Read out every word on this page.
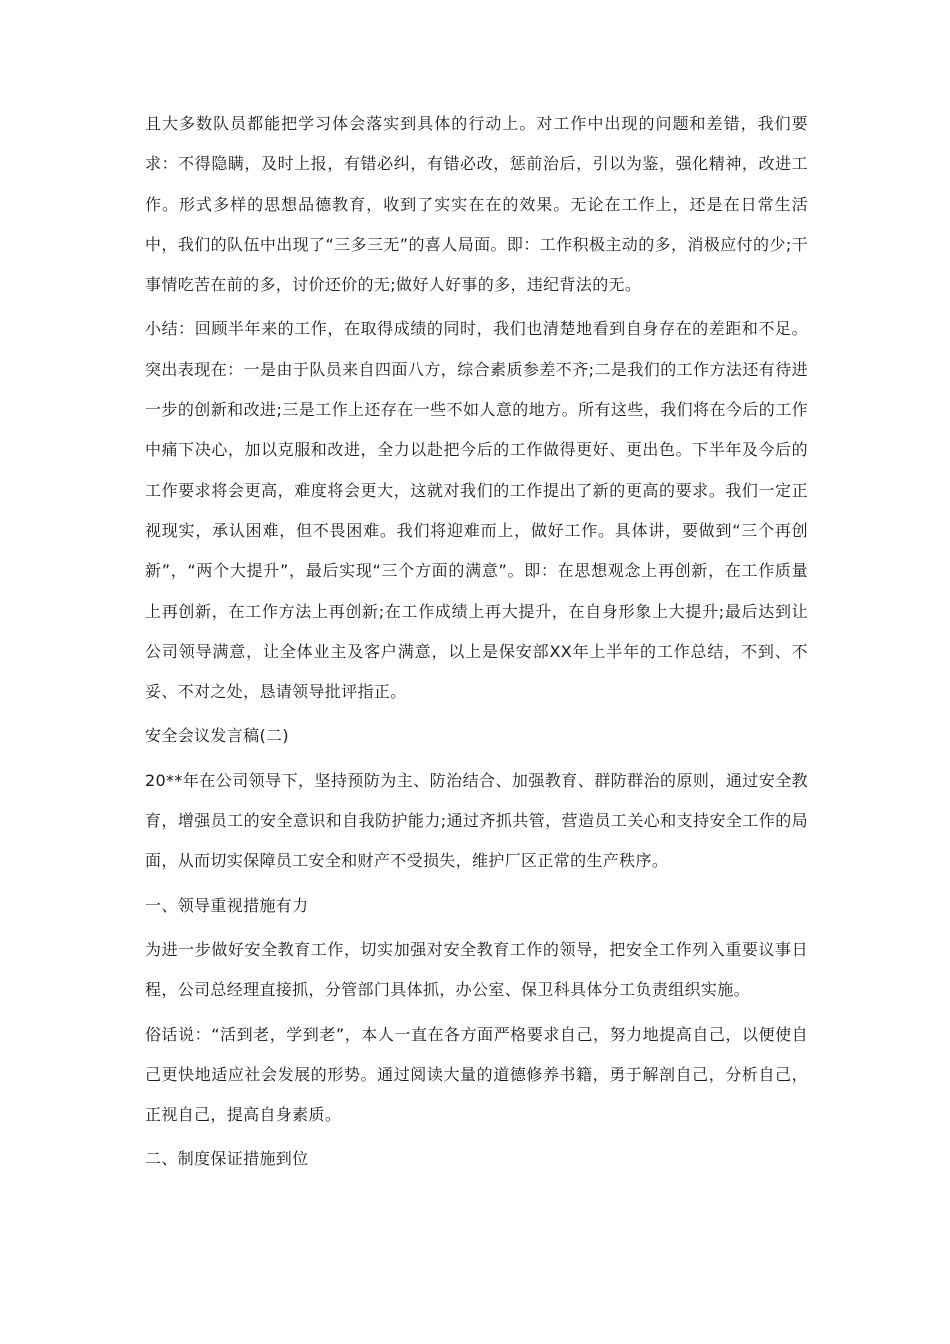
且大多数队员都能把学习体会落实到具体的行动上。对工作中出现的问题和差错，我们要求：不得隐瞒，及时上报，有错必纠，有错必改，惩前治后，引以为鉴，强化精神，改进工作。形式多样的思想品德教育，收到了实实在在的效果。无论在工作上，还是在日常生活中，我们的队伍中出现了“三多三无”的喜人局面。即：工作积极主动的多，消极应付的少;干事情吃苦在前的多，讨价还价的无;做好人好事的多，违纪背法的无。

小结：回顾半年来的工作，在取得成绩的同时，我们也清楚地看到自身存在的差距和不足。突出表现在：一是由于队员来自四面八方，综合素质参差不齐;二是我们的工作方法还有待进一步的创新和改进;三是工作上还存在一些不如人意的地方。所有这些，我们将在今后的工作中痛下决心，加以克服和改进，全力以赴把今后的工作做得更好、更出色。下半年及今后的工作要求将会更高，难度将会更大，这就对我们的工作提出了新的更高的要求。我们一定正视现实，承认困难，但不畏困难。我们将迎难而上，做好工作。具体讲，要做到“三个再创新”，“两个大提升”，最后实现“三个方面的满意”。即：在思想观念上再创新，在工作质量上再创新，在工作方法上再创新;在工作成绩上再大提升，在自身形象上大提升;最后达到让公司领导满意，让全体业主及客户满意，以上是保安部XX年上半年的工作总结，不到、不妥、不对之处，恳请领导批评指正。

安全会议发言稿(二)

20**年在公司领导下，坚持预防为主、防治结合、加强教育、群防群治的原则，通过安全教育，增强员工的安全意识和自我防护能力;通过齐抓共管，营造员工关心和支持安全工作的局面，从而切实保障员工安全和财产不受损失，维护厂区正常的生产秩序。

一、领导重视措施有力

为进一步做好安全教育工作，切实加强对安全教育工作的领导，把安全工作列入重要议事日程，公司总经理直接抓，分管部门具体抓，办公室、保卫科具体分工负责组织实施。

俗话说：“活到老，学到老”，本人一直在各方面严格要求自己，努力地提高自己，以便使自己更快地适应社会发展的形势。通过阅读大量的道德修养书籍，勇于解剖自己，分析自己，正视自己，提高自身素质。

二、制度保证措施到位
